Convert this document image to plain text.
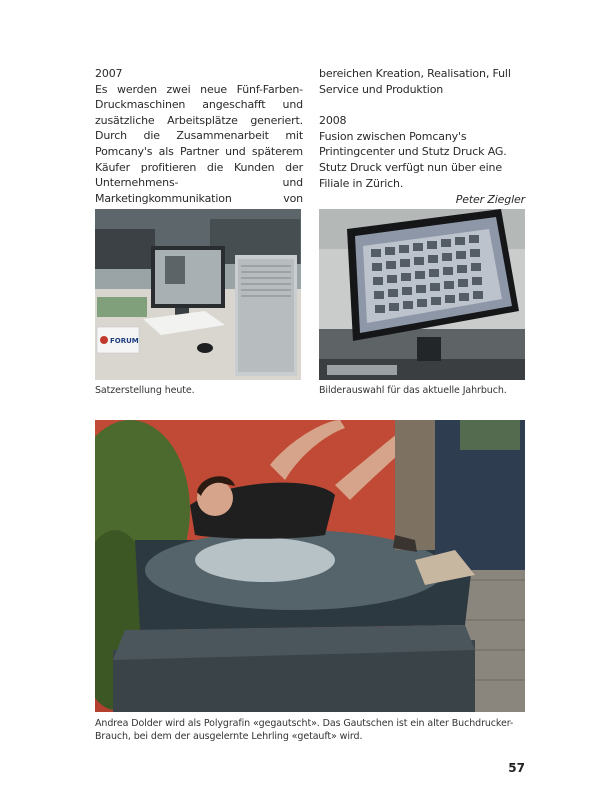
2007
Es werden zwei neue Fünf-Farben-Druckmaschinen angeschafft und zusätzliche Arbeitsplätze generiert. Durch die Zusammenarbeit mit Pomcany's als Partner und späterem Käufer profitieren die Kunden der Unternehmens- und Marketingkommunikation von
bereichen Kreation, Realisation, Full Service und Produktion
2008
Fusion zwischen Pomcany's Printingcenter und Stutz Druck AG. Stutz Druck verfügt nun über eine Filiale in Zürich.
Peter Ziegler
FORUM
Satzerstellung heute.	Bilderauswahl für das aktuelle Jahrbuch.
Andrea Dolder wird als Polygrafin «gegautscht». Das Gautschen ist ein alter Buchdrucker-Brauch, bei dem der ausgelernte Lehrling «getauft» wird.
57
